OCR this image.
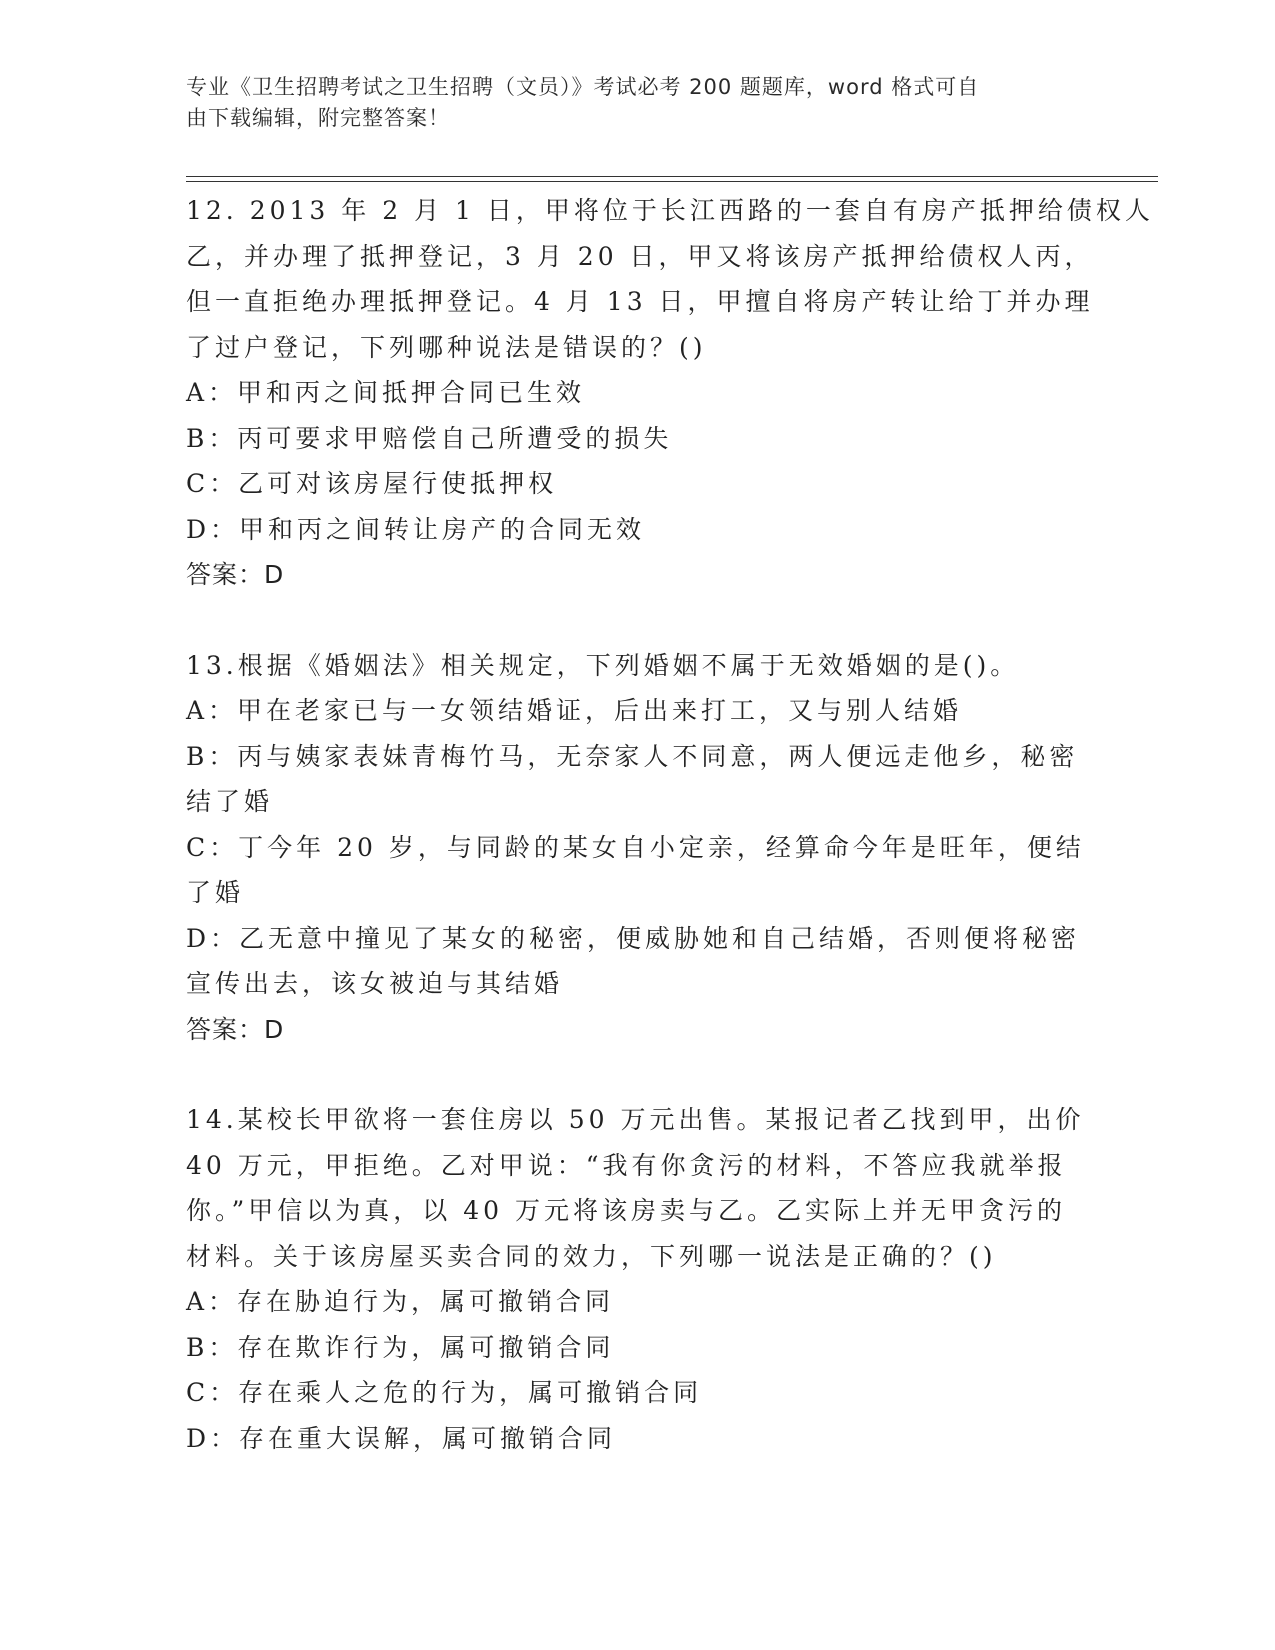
专业《卫生招聘考试之卫生招聘（文员）》考试必考 200 题题库，word 格式可自
由下载编辑，附完整答案！
12. 2013 年 2 月 1 日，甲将位于长江西路的一套自有房产抵押给债权人
乙，并办理了抵押登记，3 月 20 日，甲又将该房产抵押给债权人丙，
但一直拒绝办理抵押登记。4 月 13 日，甲擅自将房产转让给丁并办理
了过户登记，下列哪种说法是错误的？()
A：甲和丙之间抵押合同已生效
B：丙可要求甲赔偿自己所遭受的损失
C：乙可对该房屋行使抵押权
D：甲和丙之间转让房产的合同无效
答案：D
13.根据《婚姻法》相关规定，下列婚姻不属于无效婚姻的是()。
A：甲在老家已与一女领结婚证，后出来打工，又与别人结婚
B：丙与姨家表妹青梅竹马，无奈家人不同意，两人便远走他乡，秘密
结了婚
C：丁今年 20 岁，与同龄的某女自小定亲，经算命今年是旺年，便结
了婚
D：乙无意中撞见了某女的秘密，便威胁她和自己结婚，否则便将秘密
宣传出去，该女被迫与其结婚
答案：D
14.某校长甲欲将一套住房以 50 万元出售。某报记者乙找到甲，出价
40 万元，甲拒绝。乙对甲说：“我有你贪污的材料，不答应我就举报
你。”甲信以为真，以 40 万元将该房卖与乙。乙实际上并无甲贪污的
材料。关于该房屋买卖合同的效力，下列哪一说法是正确的？()
A：存在胁迫行为，属可撤销合同
B：存在欺诈行为，属可撤销合同
C：存在乘人之危的行为，属可撤销合同
D：存在重大误解，属可撤销合同
